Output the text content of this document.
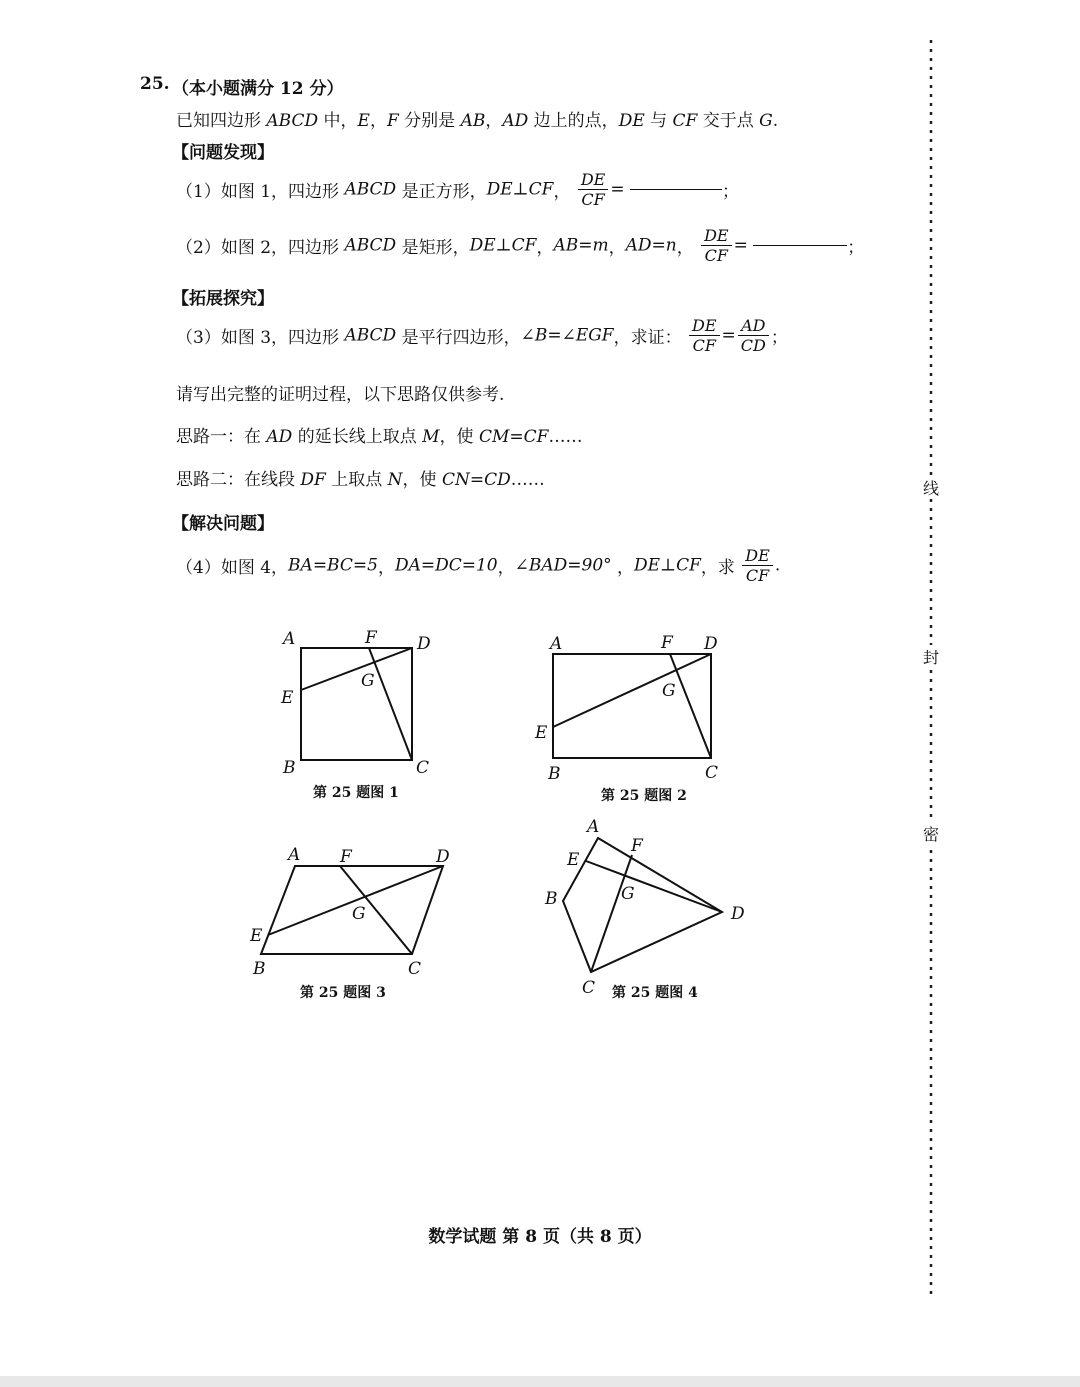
25. （本小题满分 12 分）
已知四边形 ABCD 中，E，F 分别是 AB，AD 边上的点，DE 与 CF 交于点 G.
【问题发现】
（1）如图 1，四边形 ABCD 是正方形，DE⊥CF， $\frac{DE}{CF}$ =	；
（2）如图 2，四边形 ABCD 是矩形，DE⊥CF，AB=m，AD=n， $\frac{DE}{CF}$ =	；
【拓展探究】
（3）如图 3，四边形 ABCD 是平行四边形，∠B=∠EGF，求证： $\frac{DE}{CF} = \frac{AD}{CD}$ ；
请写出完整的证明过程，以下思路仅供参考.
思路一：在 AD 的延长线上取点 M，使 CM=CF……
思路二：在线段 DF 上取点 N，使 CN=CD……
【解决问题】
（4）如图 4，BA=BC=5，DA=DC=10，∠BAD=90° ，DE⊥CF，求 $\frac{DE}{CF}$ .
A	F D
E
G
B	C
A	F D
E
G
B	C
A F	D
E
G
B	C
A
F
E
G
B
D
C
第 25 题图 1	第 25 题图 2
第 25 题图 3	第 25 题图 4
数学试题 第 8 页（共 8 页）
线
封
密
